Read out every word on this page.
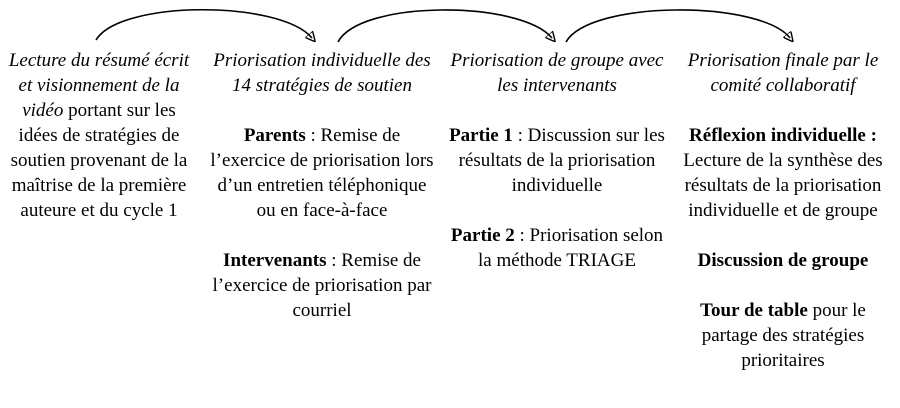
Lecture du résumé écrit et visionnement de la vidéo portant sur les idées de stratégies de soutien provenant de la maîtrise de la première auteure et du cycle 1

Priorisation individuelle des 14 stratégies de soutien

Parents : Remise de l’exercice de priorisation lors d’un entretien téléphonique ou en face-à-face

Intervenants : Remise de l’exercice de priorisation par courriel

Priorisation de groupe avec les intervenants

Partie 1 : Discussion sur les résultats de la priorisation individuelle

Partie 2 : Priorisation selon la méthode TRIAGE

Priorisation finale par le comité collaboratif

Réflexion individuelle : Lecture de la synthèse des résultats de la priorisation individuelle et de groupe

Discussion de groupe

Tour de table pour le partage des stratégies prioritaires
